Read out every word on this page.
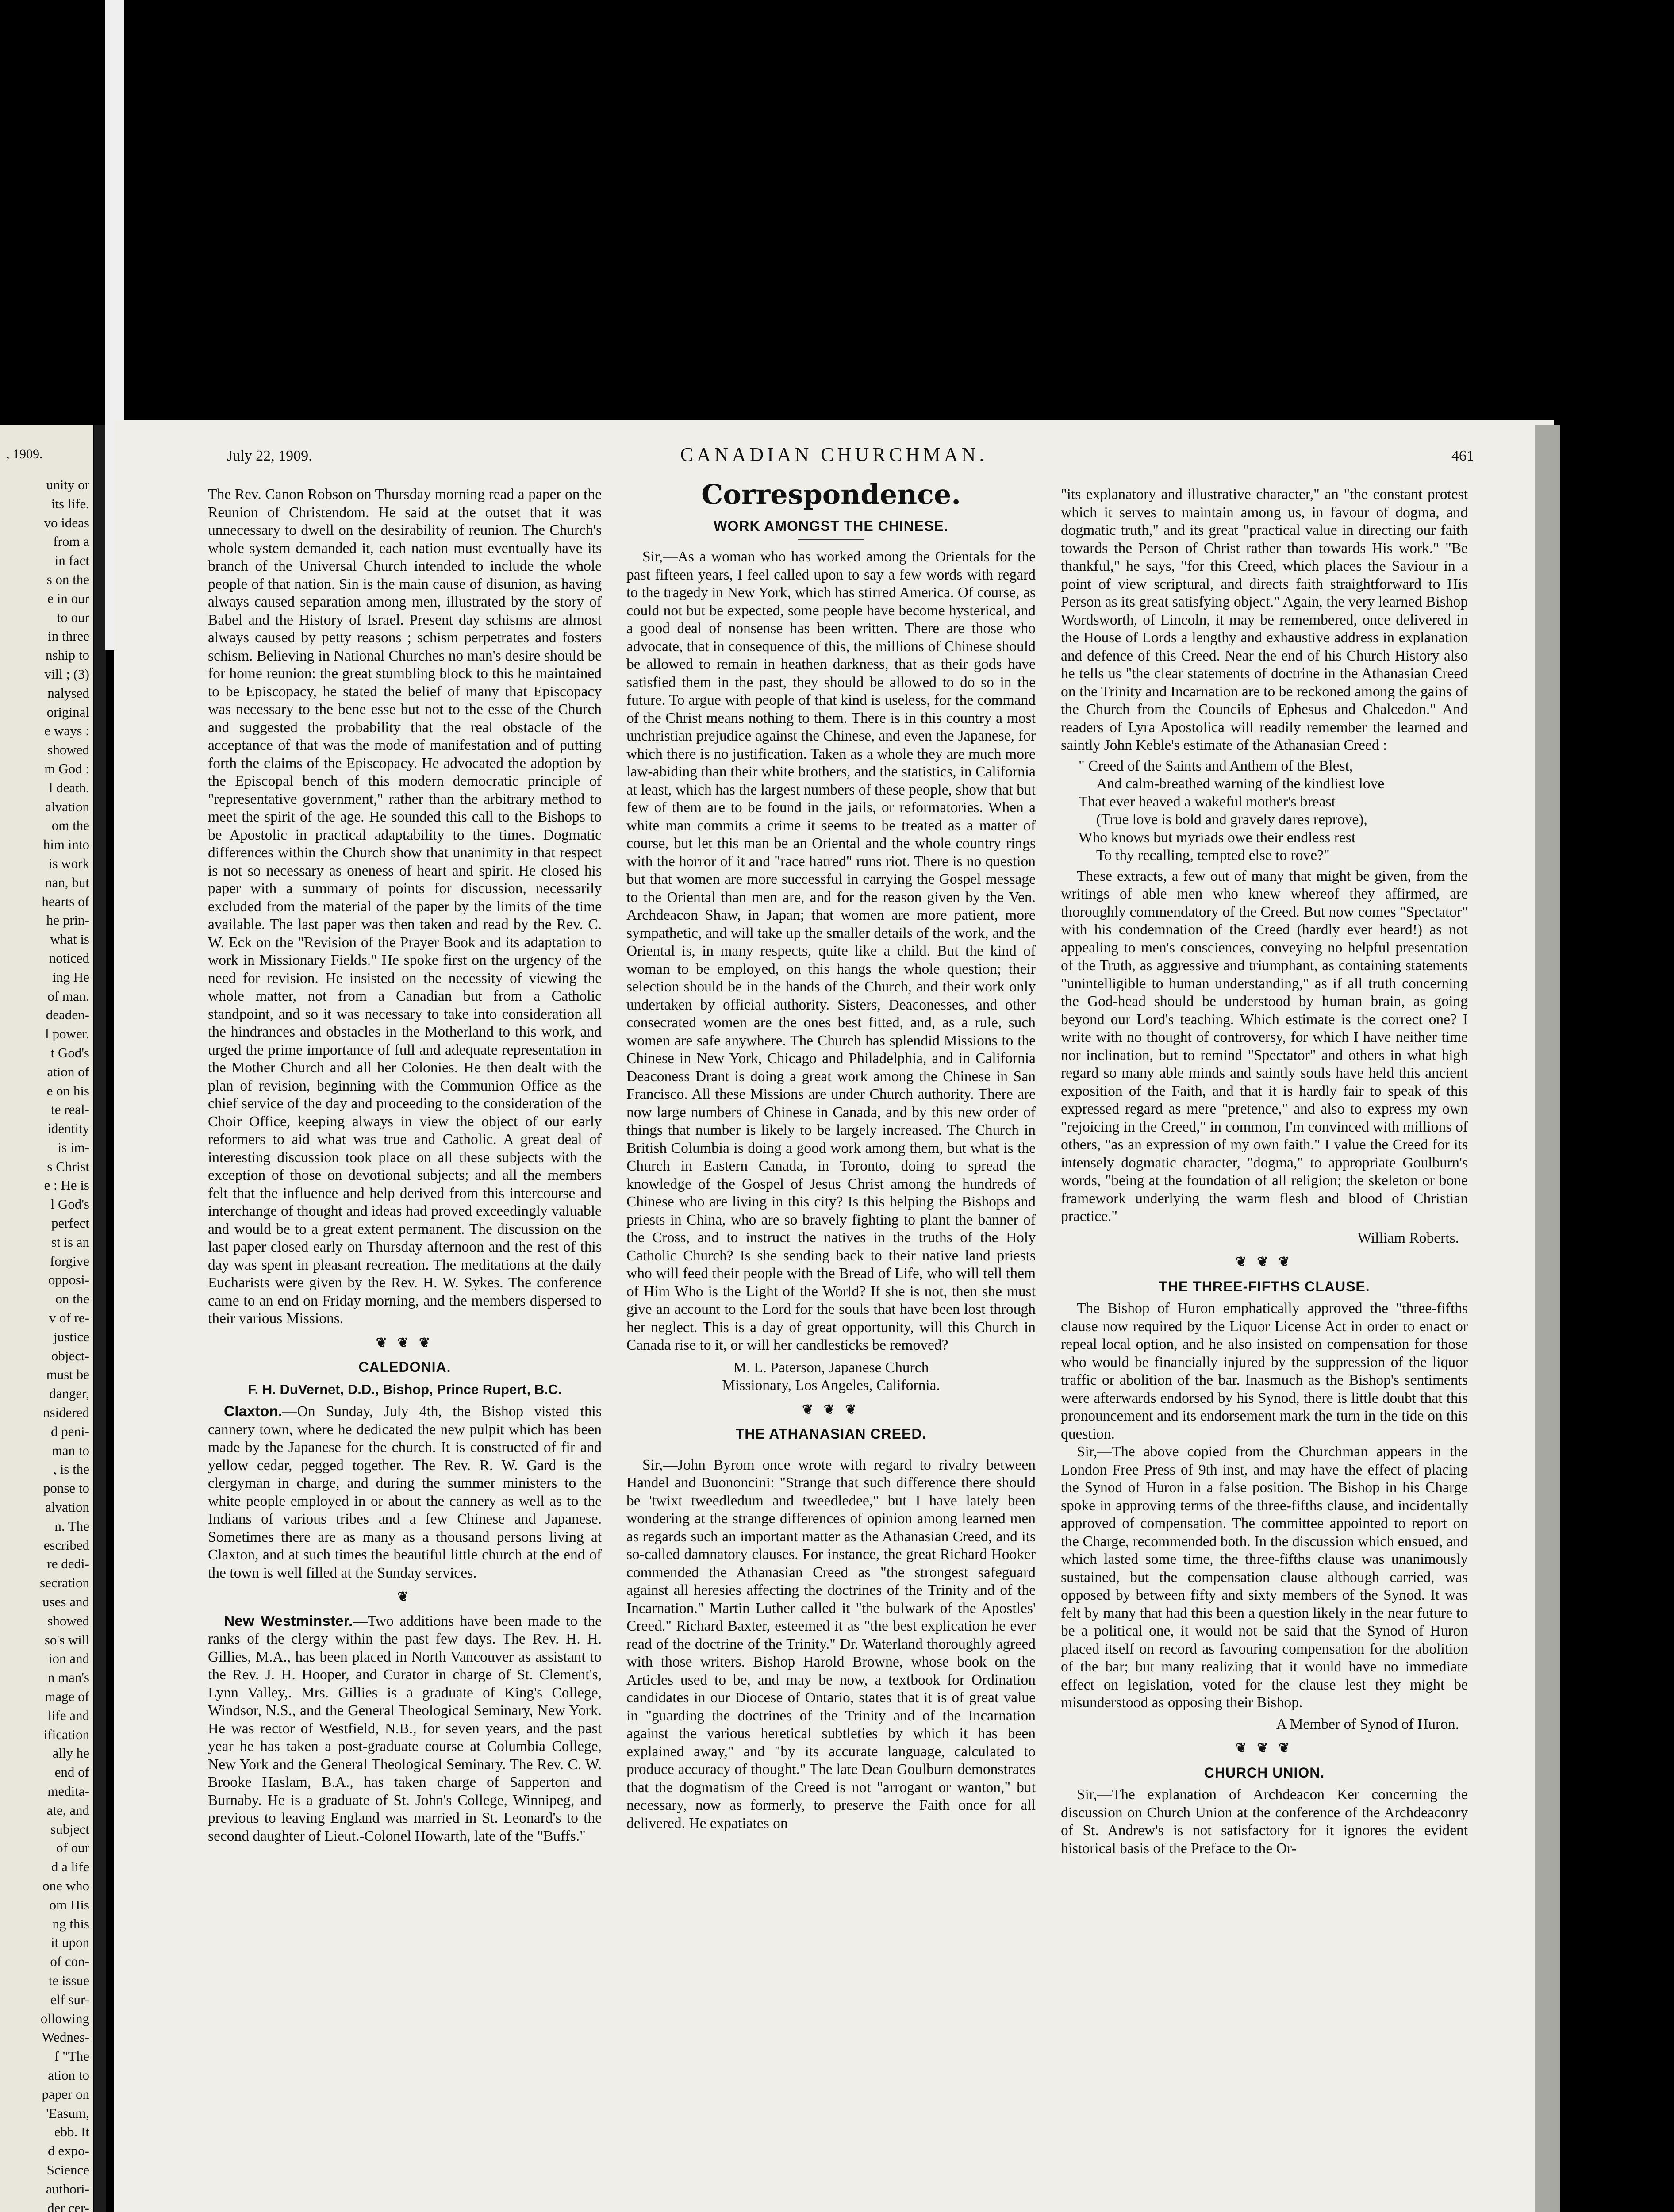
, 1909.
unity or
its life.
vo ideas
from a
in fact
s on the
e in our
to our
in three
nship to
vill ; (3)
nalysed
original
e ways :
showed
m God :
l death.
alvation
om the
him into
is work
nan, but
hearts of
he prin-
what is
noticed
ing He
of man.
deaden-
l power.
t God's
ation of
e on his
te real-
identity
is im-
s Christ
e : He is
l God's
perfect
st is an
forgive
opposi-
on the
v of re-
justice
object-
must be
danger,
nsidered
d peni-
man to
, is the
ponse to
alvation
n. The
escribed
re dedi-
secration
uses and
showed
so's will
ion and
n man's
mage of
life and
ification
ally he
end of
medita-
ate, and
subject
of our
d a life
one who
om His
ng this
it upon
of con-
te issue
elf sur-
ollowing
Wednes-
f "The
ation to
paper on
'Easum,
ebb. It
d expo-
Science
authori-
der cer-
July 22, 1909.	CANADIAN CHURCHMAN.	461

The Rev. Canon Robson on Thursday morning read a paper on the Reunion of Christendom. He said at the outset that it was unnecessary to dwell on the desirability of reunion. The Church's whole system demanded it, each nation must eventually have its branch of the Universal Church intended to include the whole people of that nation. Sin is the main cause of disunion, as having always caused separation among men, illustrated by the story of Babel and the History of Israel. Present day schisms are almost always caused by petty reasons ; schism perpetrates and fosters schism. Believing in National Churches no man's desire should be for home reunion: the great stumbling block to this he maintained to be Episcopacy, he stated the belief of many that Episcopacy was necessary to the bene esse but not to the esse of the Church and suggested the probability that the real obstacle of the acceptance of that was the mode of manifestation and of putting forth the claims of the Episcopacy. He advocated the adoption by the Episcopal bench of this modern democratic principle of "representative government," rather than the arbitrary method to meet the spirit of the age. He sounded this call to the Bishops to be Apostolic in practical adaptability to the times. Dogmatic differences within the Church show that unanimity in that respect is not so necessary as oneness of heart and spirit. He closed his paper with a summary of points for discussion, necessarily excluded from the material of the paper by the limits of the time available. The last paper was then taken and read by the Rev. C. W. Eck on the "Revision of the Prayer Book and its adaptation to work in Missionary Fields." He spoke first on the urgency of the need for revision. He insisted on the necessity of viewing the whole matter, not from a Canadian but from a Catholic standpoint, and so it was necessary to take into consideration all the hindrances and obstacles in the Motherland to this work, and urged the prime importance of full and adequate representation in the Mother Church and all her Colonies. He then dealt with the plan of revision, beginning with the Communion Office as the chief service of the day and proceeding to the consideration of the Choir Office, keeping always in view the object of our early reformers to aid what was true and Catholic. A great deal of interesting discussion took place on all these subjects with the exception of those on devotional subjects; and all the members felt that the influence and help derived from this intercourse and interchange of thought and ideas had proved exceedingly valuable and would be to a great extent permanent. The discussion on the last paper closed early on Thursday afternoon and the rest of this day was spent in pleasant recreation. The meditations at the daily Eucharists were given by the Rev. H. W. Sykes. The conference came to an end on Friday morning, and the members dispersed to their various Missions.

❦ ❦ ❦
CALEDONIA.
F. H. DuVernet, D.D., Bishop, Prince Rupert, B.C.

Claxton.—On Sunday, July 4th, the Bishop visted this cannery town, where he dedicated the new pulpit which has been made by the Japanese for the church. It is constructed of fir and yellow cedar, pegged together. The Rev. R. W. Gard is the clergyman in charge, and during the summer ministers to the white people employed in or about the cannery as well as to the Indians of various tribes and a few Chinese and Japanese. Sometimes there are as many as a thousand persons living at Claxton, and at such times the beautiful little church at the end of the town is well filled at the Sunday services.

❦

New Westminster.—Two additions have been made to the ranks of the clergy within the past few days. The Rev. H. H. Gillies, M.A., has been placed in North Vancouver as assistant to the Rev. J. H. Hooper, and Curator in charge of St. Clement's, Lynn Valley,. Mrs. Gillies is a graduate of King's College, Windsor, N.S., and the General Theological Seminary, New York. He was rector of Westfield, N.B., for seven years, and the past year he has taken a post-graduate course at Columbia College, New York and the General Theological Seminary. The Rev. C. W. Brooke Haslam, B.A., has taken charge of Sapperton and Burnaby. He is a graduate of St. John's College, Winnipeg, and previous to leaving England was married in St. Leonard's to the second daughter of Lieut.-Colonel Howarth, late of the "Buffs."

Correspondence.
WORK AMONGST THE CHINESE.

Sir,—As a woman who has worked among the Orientals for the past fifteen years, I feel called upon to say a few words with regard to the tragedy in New York, which has stirred America. Of course, as could not but be expected, some people have become hysterical, and a good deal of nonsense has been written. There are those who advocate, that in consequence of this, the millions of Chinese should be allowed to remain in heathen darkness, that as their gods have satisfied them in the past, they should be allowed to do so in the future. To argue with people of that kind is useless, for the command of the Christ means nothing to them. There is in this country a most unchristian prejudice against the Chinese, and even the Japanese, for which there is no justification. Taken as a whole they are much more law-abiding than their white brothers, and the statistics, in California at least, which has the largest numbers of these people, show that but few of them are to be found in the jails, or reformatories. When a white man commits a crime it seems to be treated as a matter of course, but let this man be an Oriental and the whole country rings with the horror of it and "race hatred" runs riot. There is no question but that women are more successful in carrying the Gospel message to the Oriental than men are, and for the reason given by the Ven. Archdeacon Shaw, in Japan; that women are more patient, more sympathetic, and will take up the smaller details of the work, and the Oriental is, in many respects, quite like a child. But the kind of woman to be employed, on this hangs the whole question; their selection should be in the hands of the Church, and their work only undertaken by official authority. Sisters, Deaconesses, and other consecrated women are the ones best fitted, and, as a rule, such women are safe anywhere. The Church has splendid Missions to the Chinese in New York, Chicago and Philadelphia, and in California Deaconess Drant is doing a great work among the Chinese in San Francisco. All these Missions are under Church authority. There are now large numbers of Chinese in Canada, and by this new order of things that number is likely to be largely increased. The Church in British Columbia is doing a good work among them, but what is the Church in Eastern Canada, in Toronto, doing to spread the knowledge of the Gospel of Jesus Christ among the hundreds of Chinese who are living in this city? Is this helping the Bishops and priests in China, who are so bravely fighting to plant the banner of the Cross, and to instruct the natives in the truths of the Holy Catholic Church? Is she sending back to their native land priests who will feed their people with the Bread of Life, who will tell them of Him Who is the Light of the World? If she is not, then she must give an account to the Lord for the souls that have been lost through her neglect. This is a day of great opportunity, will this Church in Canada rise to it, or will her candlesticks be removed?

M. L. Paterson, Japanese Church
Missionary, Los Angeles, California.
❦ ❦ ❦
THE ATHANASIAN CREED.

Sir,—John Byrom once wrote with regard to rivalry between Handel and Buononcini: "Strange that such difference there should be 'twixt tweedledum and tweedledee," but I have lately been wondering at the strange differences of opinion among learned men as regards such an important matter as the Athanasian Creed, and its so-called damnatory clauses. For instance, the great Richard Hooker commended the Athanasian Creed as "the strongest safeguard against all heresies affecting the doctrines of the Trinity and of the Incarnation." Martin Luther called it "the bulwark of the Apostles' Creed." Richard Baxter, esteemed it as "the best explication he ever read of the doctrine of the Trinity." Dr. Waterland thoroughly agreed with those writers. Bishop Harold Browne, whose book on the Articles used to be, and may be now, a textbook for Ordination candidates in our Diocese of Ontario, states that it is of great value in "guarding the doctrines of the Trinity and of the Incarnation against the various heretical subtleties by which it has been explained away," and "by its accurate language, calculated to produce accuracy of thought." The late Dean Goulburn demonstrates that the dogmatism of the Creed is not "arrogant or wanton," but necessary, now as formerly, to preserve the Faith once for all delivered. He expatiates on

"its explanatory and illustrative character," an "the constant protest which it serves to maintain among us, in favour of dogma, and dogmatic truth," and its great "practical value in directing our faith towards the Person of Christ rather than towards His work." "Be thankful," he says, "for this Creed, which places the Saviour in a point of view scriptural, and directs faith straightforward to His Person as its great satisfying object." Again, the very learned Bishop Wordsworth, of Lincoln, it may be remembered, once delivered in the House of Lords a lengthy and exhaustive address in explanation and defence of this Creed. Near the end of his Church History also he tells us "the clear statements of doctrine in the Athanasian Creed on the Trinity and Incarnation are to be reckoned among the gains of the Church from the Councils of Ephesus and Chalcedon." And readers of Lyra Apostolica will readily remember the learned and saintly John Keble's estimate of the Athanasian Creed :

" Creed of the Saints and Anthem of the Blest,
And calm-breathed warning of the kindliest love
That ever heaved a wakeful mother's breast
(True love is bold and gravely dares reprove),
Who knows but myriads owe their endless rest
To thy recalling, tempted else to rove?"

These extracts, a few out of many that might be given, from the writings of able men who knew whereof they affirmed, are thoroughly commendatory of the Creed. But now comes "Spectator" with his condemnation of the Creed (hardly ever heard!) as not appealing to men's consciences, conveying no helpful presentation of the Truth, as aggressive and triumphant, as containing statements "unintelligible to human understanding," as if all truth concerning the God-head should be understood by human brain, as going beyond our Lord's teaching. Which estimate is the correct one? I write with no thought of controversy, for which I have neither time nor inclination, but to remind "Spectator" and others in what high regard so many able minds and saintly souls have held this ancient exposition of the Faith, and that it is hardly fair to speak of this expressed regard as mere "pretence," and also to express my own "rejoicing in the Creed," in common, I'm convinced with millions of others, "as an expression of my own faith." I value the Creed for its intensely dogmatic character, "dogma," to appropriate Goulburn's words, "being at the foundation of all religion; the skeleton or bone framework underlying the warm flesh and blood of Christian practice."

William Roberts.
❦ ❦ ❦
THE THREE-FIFTHS CLAUSE.

The Bishop of Huron emphatically approved the "three-fifths clause now required by the Liquor License Act in order to enact or repeal local option, and he also insisted on compensation for those who would be financially injured by the suppression of the liquor traffic or abolition of the bar. Inasmuch as the Bishop's sentiments were afterwards endorsed by his Synod, there is little doubt that this pronouncement and its endorsement mark the turn in the tide on this question.

Sir,—The above copied from the Churchman appears in the London Free Press of 9th inst, and may have the effect of placing the Synod of Huron in a false position. The Bishop in his Charge spoke in approving terms of the three-fifths clause, and incidentally approved of compensation. The committee appointed to report on the Charge, recommended both. In the discussion which ensued, and which lasted some time, the three-fifths clause was unanimously sustained, but the compensation clause although carried, was opposed by between fifty and sixty members of the Synod. It was felt by many that had this been a question likely in the near future to be a political one, it would not be said that the Synod of Huron placed itself on record as favouring compensation for the abolition of the bar; but many realizing that it would have no immediate effect on legislation, voted for the clause lest they might be misunderstood as opposing their Bishop.

A Member of Synod of Huron.
❦ ❦ ❦
CHURCH UNION.

Sir,—The explanation of Archdeacon Ker concerning the discussion on Church Union at the conference of the Archdeaconry of St. Andrew's is not satisfactory for it ignores the evident historical basis of the Preface to the Or-
